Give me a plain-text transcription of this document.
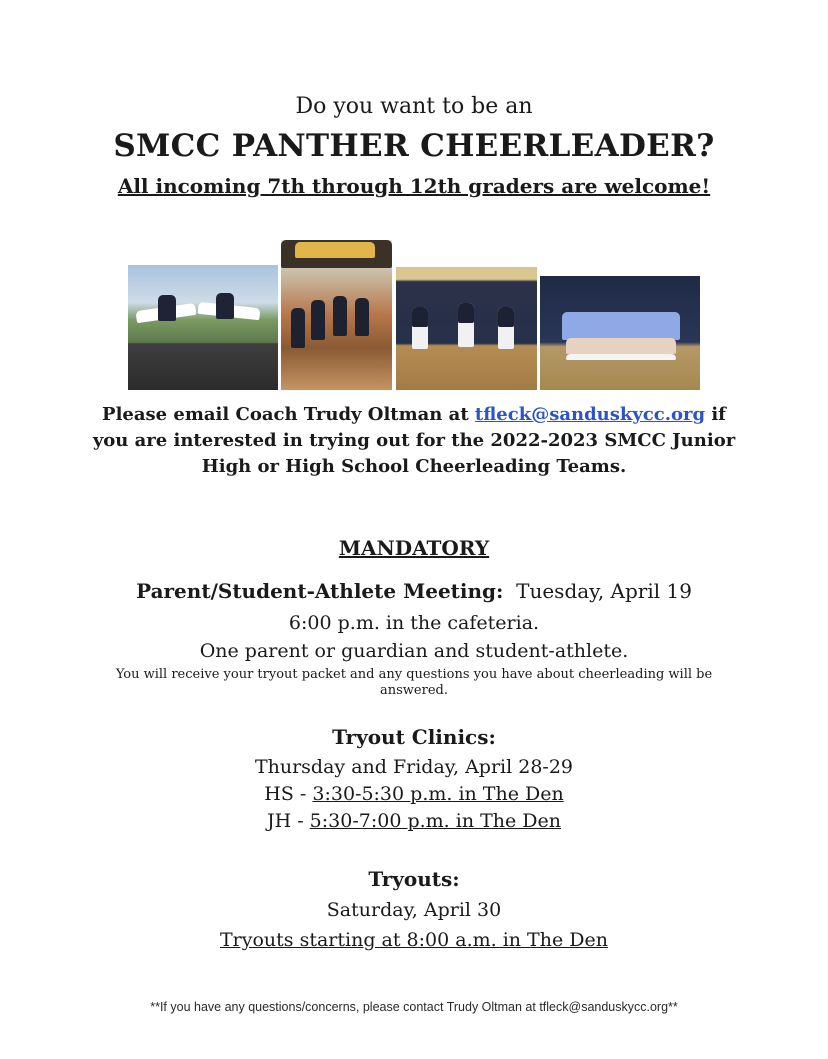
Do you want to be an
SMCC PANTHER CHEERLEADER?
All incoming 7th through 12th graders are welcome!
Please email Coach Trudy Oltman at tfleck@sanduskycc.org if
you are interested in trying out for the 2022-2023 SMCC Junior
High or High School Cheerleading Teams.
MANDATORY
Parent/Student-Athlete Meeting: Tuesday, April 19
6:00 p.m. in the cafeteria.
One parent or guardian and student-athlete.
You will receive your tryout packet and any questions you have about cheerleading will be answered.
Tryout Clinics:
Thursday and Friday, April 28-29
HS - 3:30-5:30 p.m. in The Den
JH - 5:30-7:00 p.m. in The Den
Tryouts:
Saturday, April 30
Tryouts starting at 8:00 a.m. in The Den
**If you have any questions/concerns, please contact Trudy Oltman at tfleck@sanduskycc.org**
